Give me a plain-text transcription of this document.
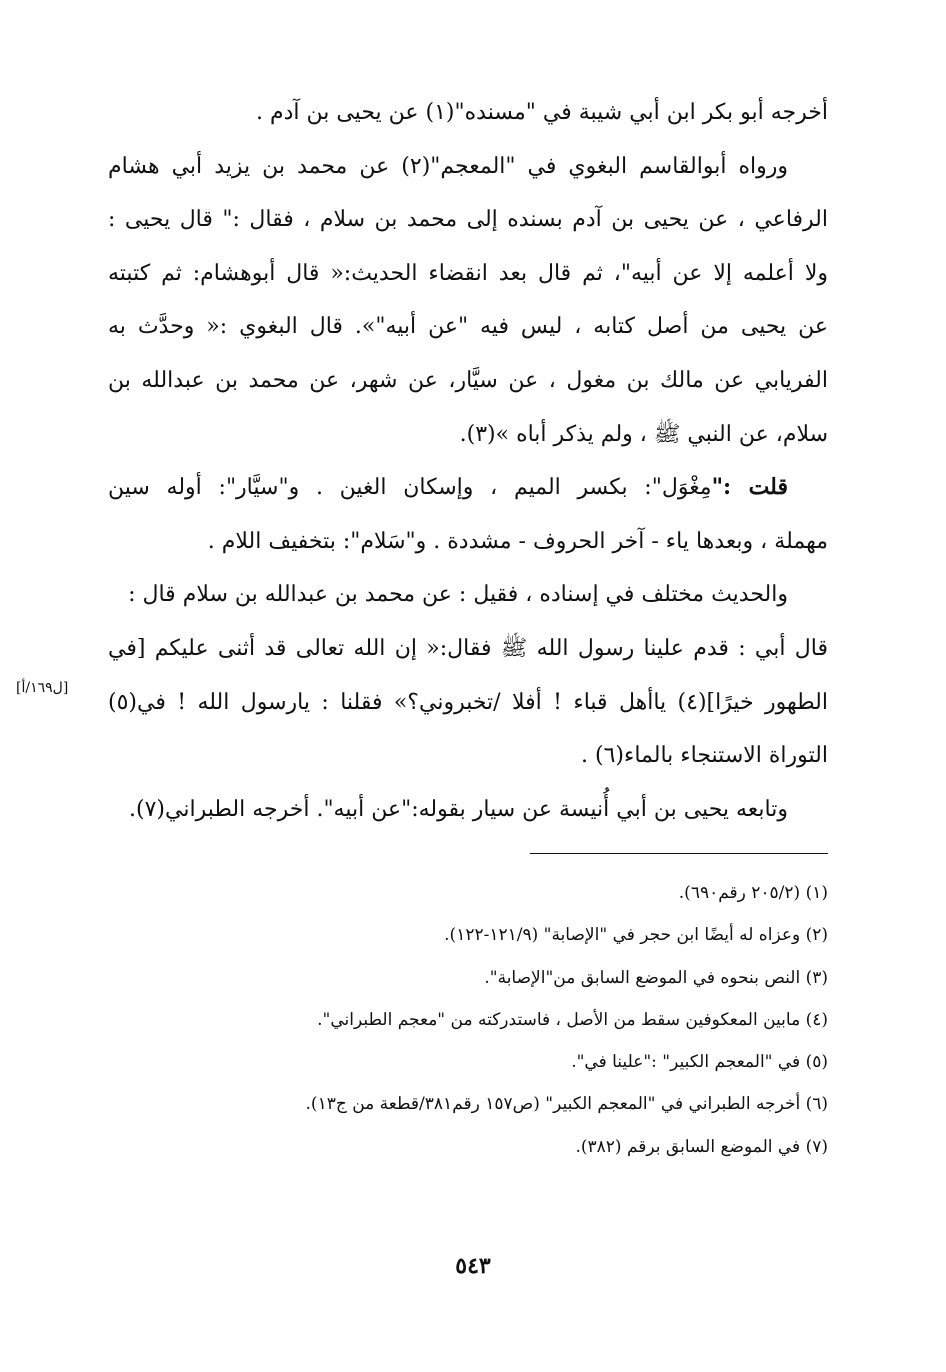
أخرجه أبو بكر ابن أبي شيبة في "مسنده"(١) عن يحيى بن آدم .
ورواه أبوالقاسم البغوي في "المعجم"(٢) عن محمد بن يزيد أبي هشام
الرفاعي ، عن يحيى بن آدم بسنده إلى محمد بن سلام ، فقال :" قال يحيى :
ولا أعلمه إلا عن أبيه"، ثم قال بعد انقضاء الحديث:« قال أبوهشام: ثم كتبته
عن يحيى من أصل كتابه ، ليس فيه "عن أبيه"». قال البغوي :« وحدَّث به
الفريابي عن مالك بن مغول ، عن سيَّار، عن شهر، عن محمد بن عبدالله بن
سلام، عن النبي ﷺ ، ولم يذكر أباه »(٣).
قلت :"مِغْوَل": بكسر الميم ، وإسكان الغين . و"سيَّار": أوله سين
مهملة ، وبعدها ياء - آخر الحروف - مشددة . و"سَلام": بتخفيف اللام .
والحديث مختلف في إسناده ، فقيل : عن محمد بن عبدالله بن سلام قال :
قال أبي : قدم علينا رسول الله ﷺ فقال:« إن الله تعالى قد أثنى عليكم [في
الطهور خيرًا](٤) ياأهل قباء ! أفلا /تخبروني؟» فقلنا : يارسول الله ! في(٥)
التوراة الاستنجاء بالماء(٦) .
وتابعه يحيى بن أبي أُنيسة عن سيار بقوله:"عن أبيه". أخرجه الطبراني(٧).
[ل١٦٩/أ]
(١) (٢٠٥/٢ رقم٦٩٠).
(٢) وعزاه له أيضًا ابن حجر في "الإصابة" (١٢١/٩-١٢٢).
(٣) النص بنحوه في الموضع السابق من"الإصابة".
(٤) مابين المعكوفين سقط من الأصل ، فاستدركته من "معجم الطبراني".
(٥) في "المعجم الكبير" :"علينا في".
(٦) أخرجه الطبراني في "المعجم الكبير" (ص١٥٧ رقم٣٨١/قطعة من ج١٣).
(٧) في الموضع السابق برقم (٣٨٢).
٥٤٣
